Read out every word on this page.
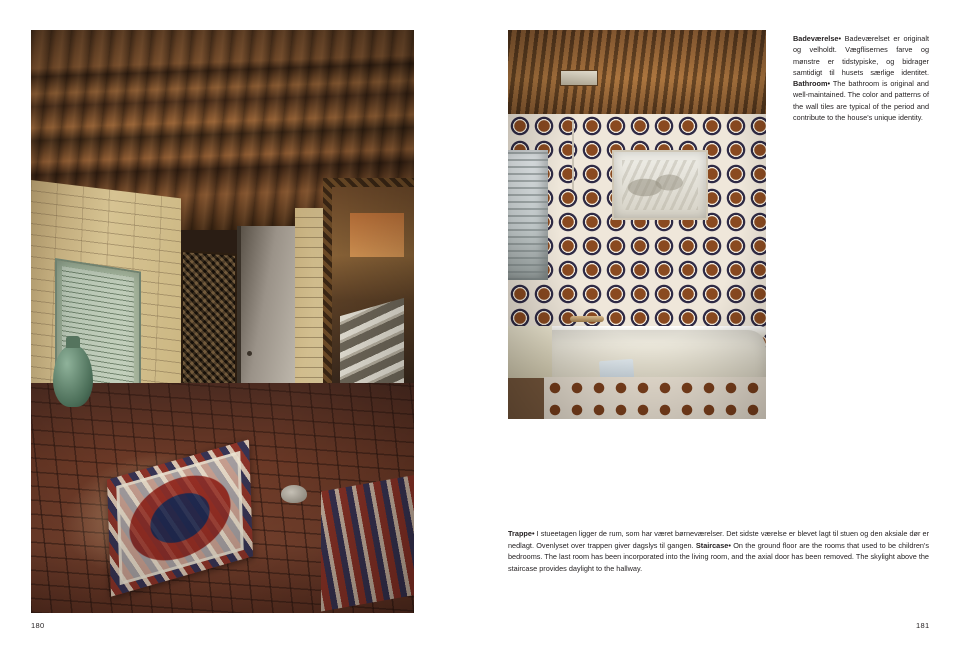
180
Badeværelse• Badeværelset er originalt og velholdt. Vægflisernes farve og mønstre er tidstypiske, og bidrager samtidigt til husets særlige identitet. Bathroom• The bathroom is original and well-maintained. The color and patterns of the wall tiles are typical of the period and contribute to the house's unique identity.
Trappe• I stueetagen ligger de rum, som har været børneværelser. Det sidste værelse er blevet lagt til stuen og den aksiale dør er nedlagt. Ovenlyset over trappen giver dagslys til gangen. Staircase• On the ground floor are the rooms that used to be children's bedrooms. The last room has been incorporated into the living room, and the axial door has been removed. The skylight above the staircase provides daylight to the hallway.
181
